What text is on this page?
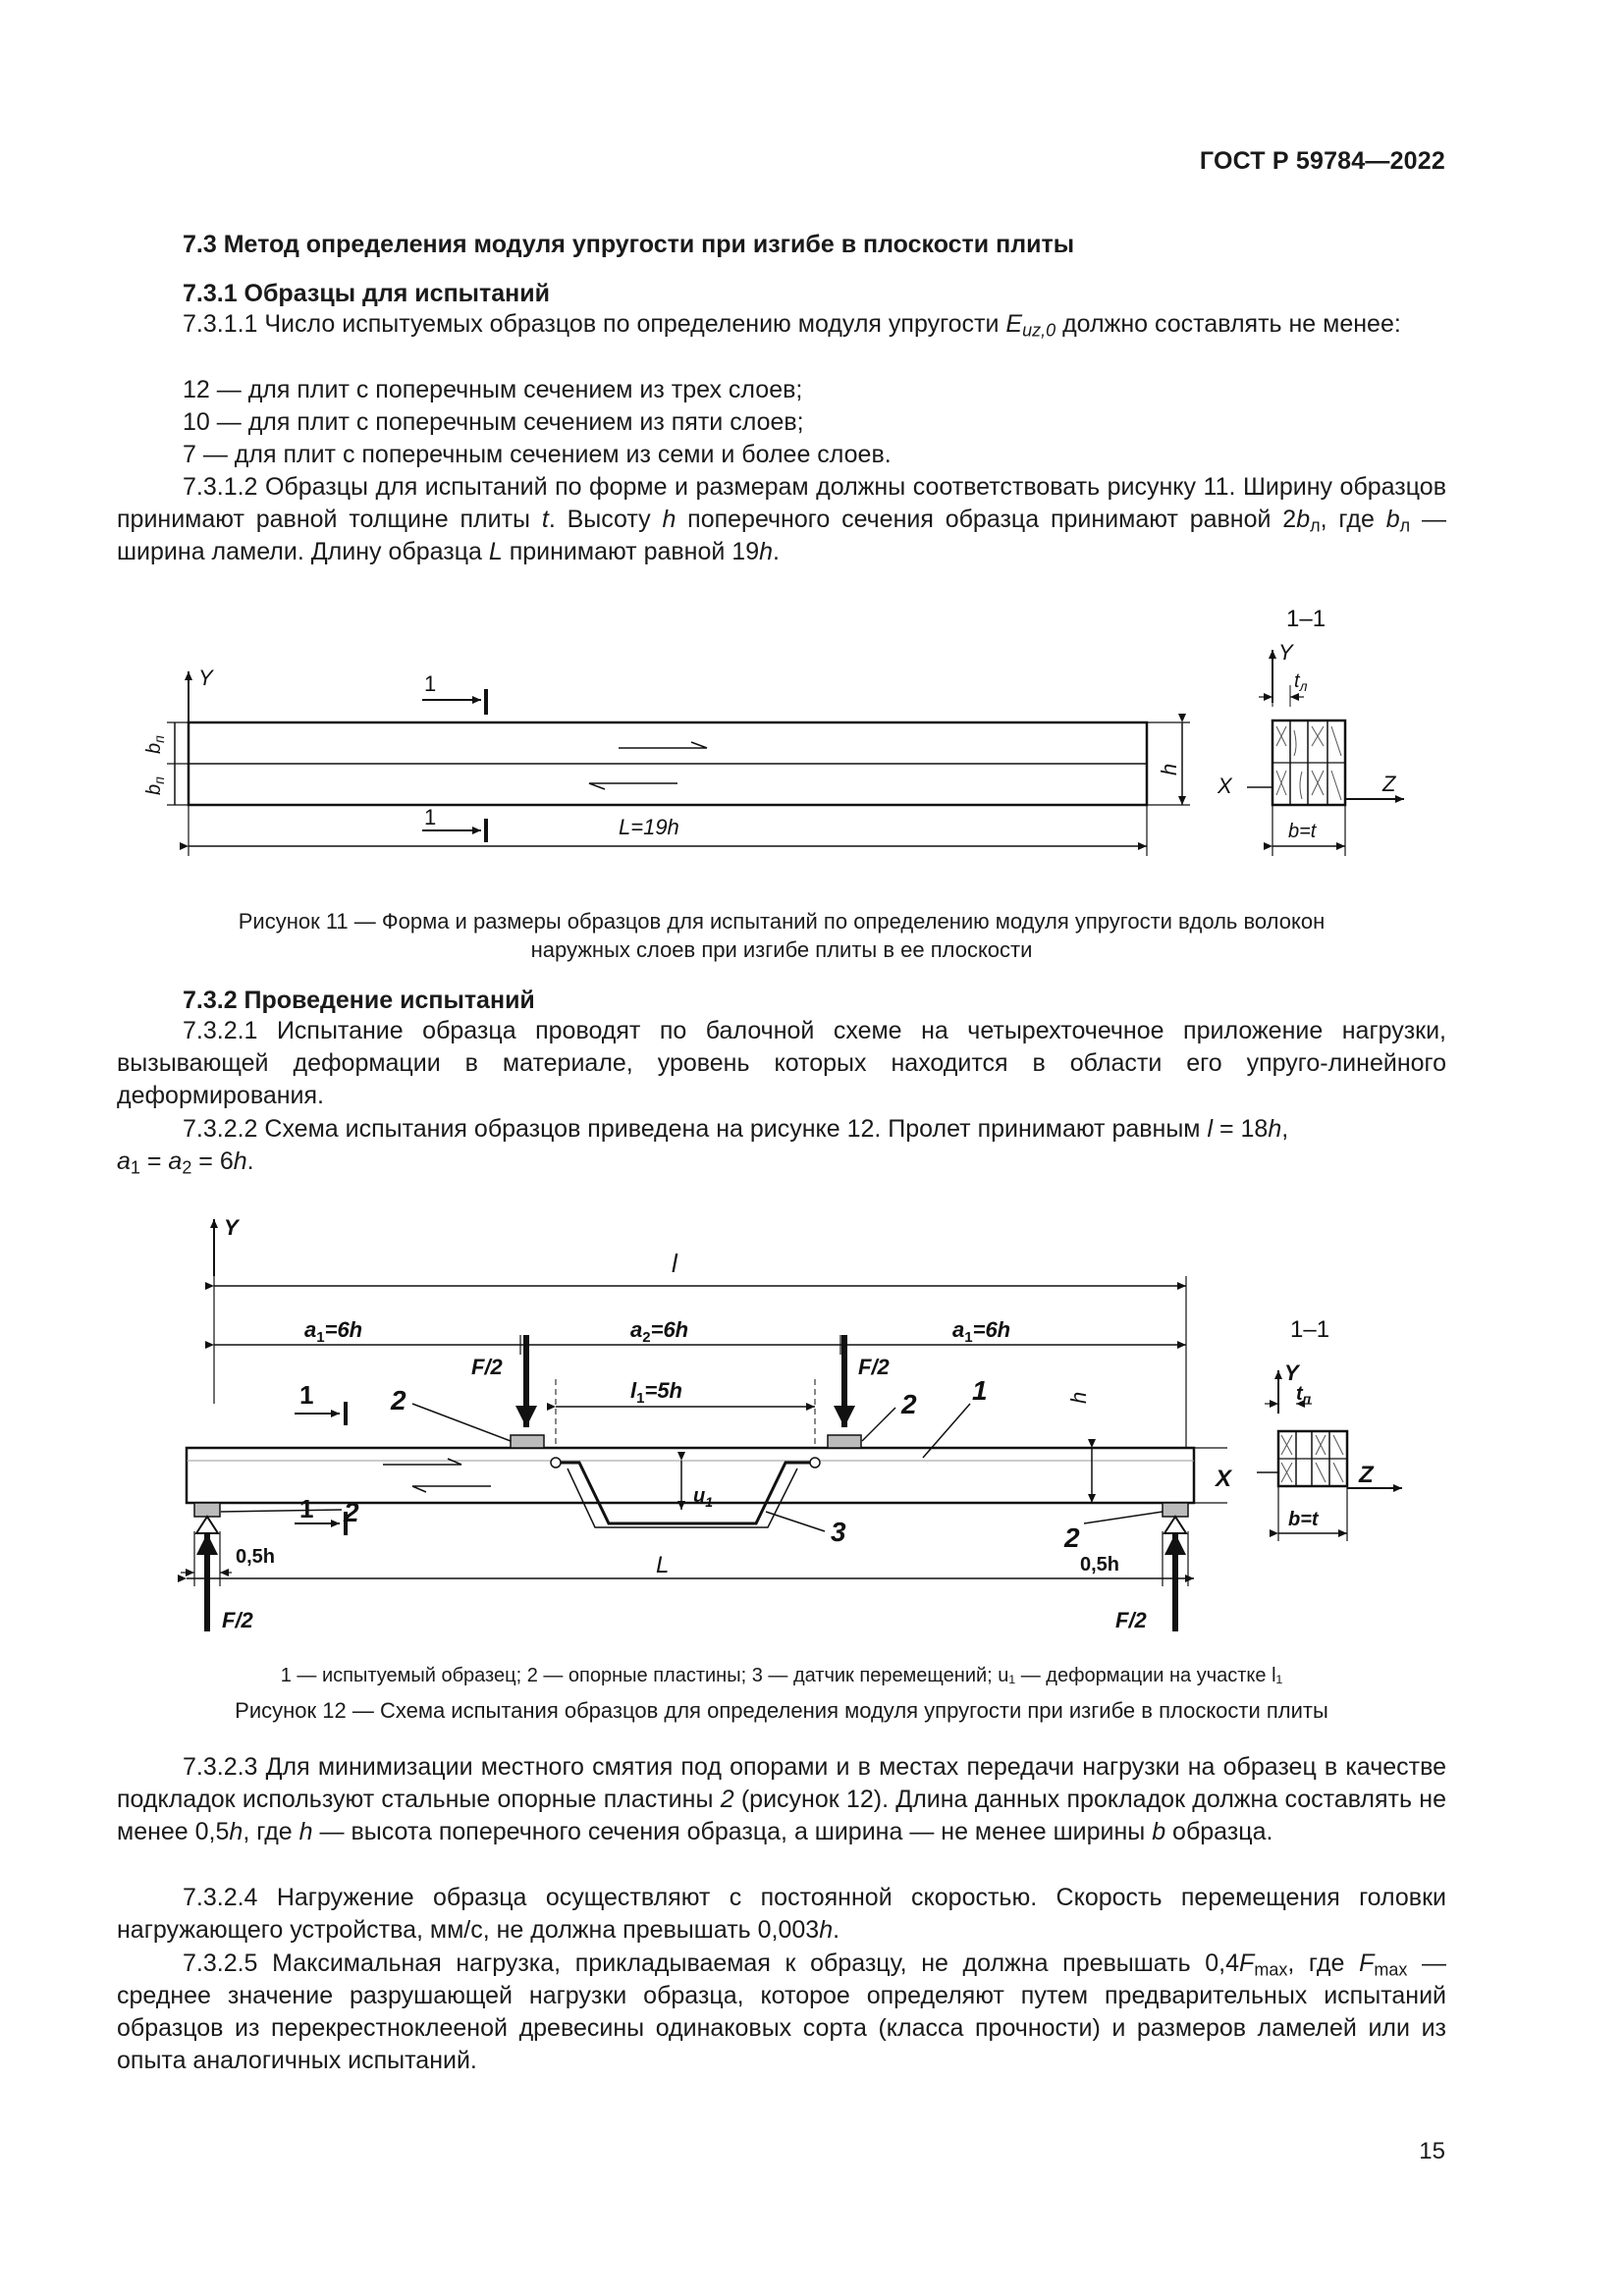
ГОСТ Р 59784—2022
7.3 Метод определения модуля упругости при изгибе в плоскости плиты
7.3.1 Образцы для испытаний
7.3.1.1 Число испытуемых образцов по определению модуля упругости $E_{uz,0}$ должно составлять не менее:
12 — для плит с поперечным сечением из трех слоев;
10 — для плит с поперечным сечением из пяти слоев;
7 — для плит с поперечным сечением из семи и более слоев.
7.3.1.2 Образцы для испытаний по форме и размерам должны соответствовать рисунку 11. Ширину образцов принимают равной толщине плиты t. Высоту h поперечного сечения образца принимают равной $2b_л$, где $b_л$ — ширина ламели. Длину образца L принимают равной 19h.
Y	1
$b_п$
$b_п$
1	L=19h
h
1–1
Y
$t_л$
X	Z
b=t
Рисунок 11 — Форма и размеры образцов для испытаний по определению модуля упругости вдоль волокон
наружных слоев при изгибе плиты в ее плоскости
7.3.2 Проведение испытаний
7.3.2.1 Испытание образца проводят по балочной схеме на четырехточечное приложение нагрузки, вызывающей деформации в материале, уровень которых находится в области его упруго-линейного деформирования.
7.3.2.2 Схема испытания образцов приведена на рисунке 12. Пролет принимают равным l = 18h,
$a_1 = a_2 = 6h$.
Y
l
$a_1=6h$	$a_2=6h$	$a_1=6h$
F/2	F/2
$l_1=5h$
F/2	F/2
$u_1$
2	2 1
2
2
3
1
1
0,5h	0,5h
L
h
X
1–1
Y
$t_п$
Z
b=t
1 — испытуемый образец; 2 — опорные пластины; 3 — датчик перемещений; u₁ — деформации на участке l₁
Рисунок 12 — Схема испытания образцов для определения модуля упругости при изгибе в плоскости плиты
7.3.2.3 Для минимизации местного смятия под опорами и в местах передачи нагрузки на образец в качестве подкладок используют стальные опорные пластины 2 (рисунок 12). Длина данных прокладок должна составлять не менее 0,5h, где h — высота поперечного сечения образца, а ширина — не менее ширины b образца.
7.3.2.4 Нагружение образца осуществляют с постоянной скоростью. Скорость перемещения головки нагружающего устройства, мм/с, не должна превышать 0,003h.
7.3.2.5 Максимальная нагрузка, прикладываемая к образцу, не должна превышать $0,4F_{max}$, где $F_{max}$ — среднее значение разрушающей нагрузки образца, которое определяют путем предварительных испытаний образцов из перекрестноклееной древесины одинаковых сорта (класса прочности) и размеров ламелей или из опыта аналогичных испытаний.
15
